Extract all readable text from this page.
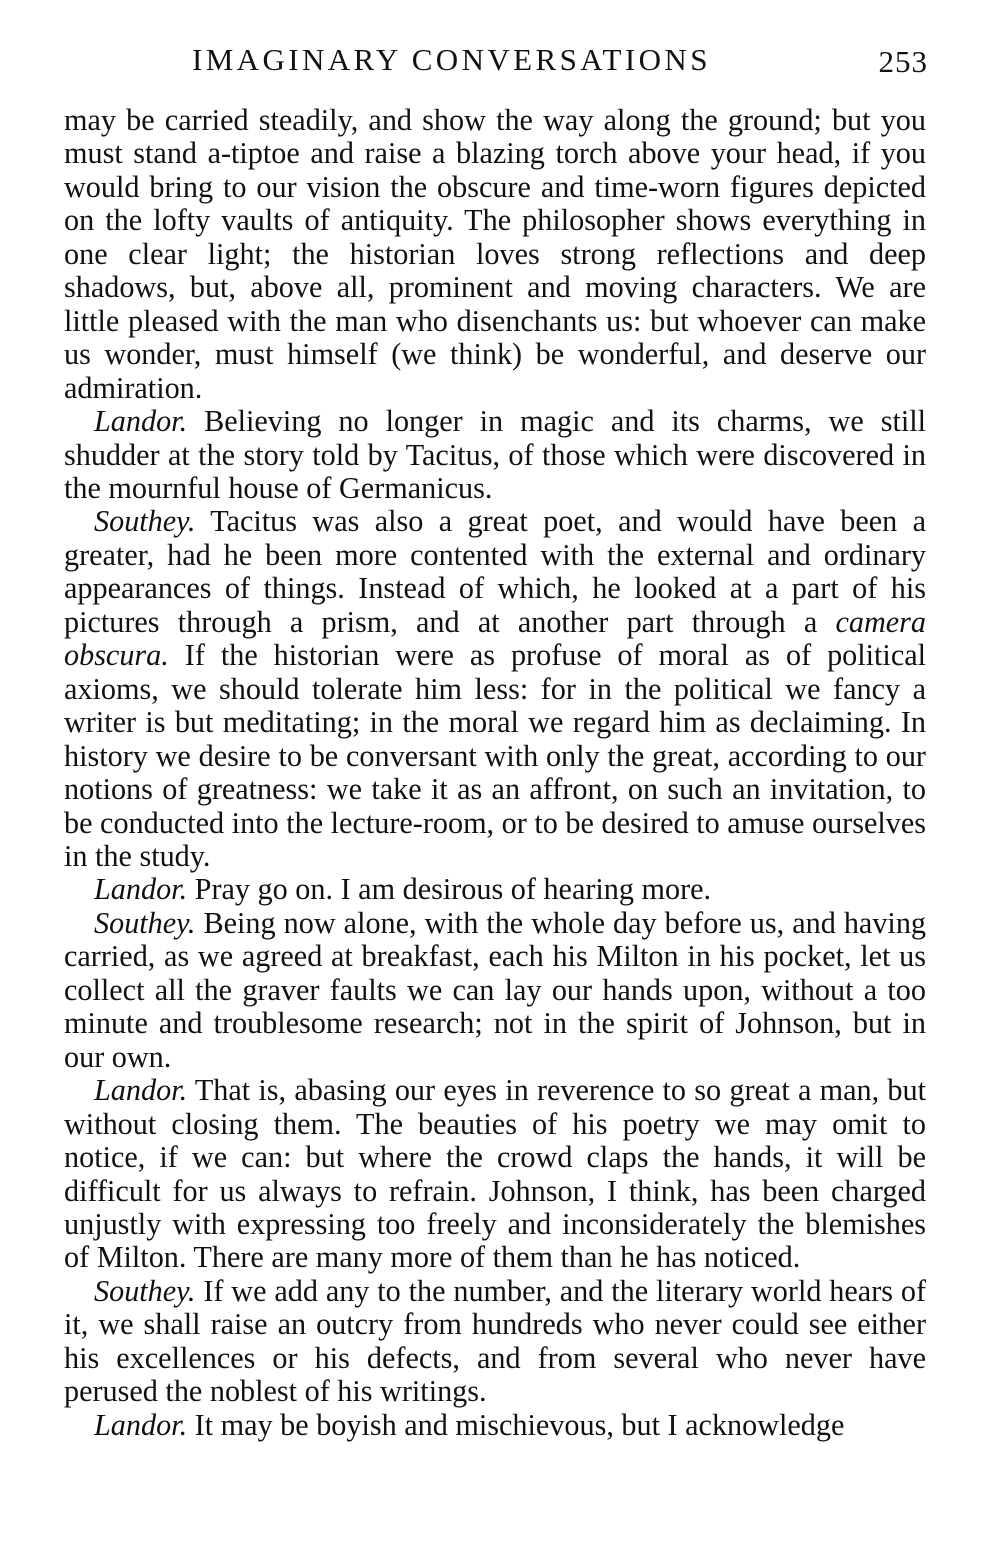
IMAGINARY CONVERSATIONS	253

may be carried steadily, and show the way along the ground; but you must stand a-tiptoe and raise a blazing torch above your head, if you would bring to our vision the obscure and time-worn figures depicted on the lofty vaults of antiquity. The philosopher shows everything in one clear light; the historian loves strong reflections and deep shadows, but, above all, prominent and moving characters. We are little pleased with the man who disenchants us: but whoever can make us wonder, must himself (we think) be wonderful, and deserve our admiration.

Landor. Believing no longer in magic and its charms, we still shudder at the story told by Tacitus, of those which were discovered in the mournful house of Germanicus.

Southey. Tacitus was also a great poet, and would have been a greater, had he been more contented with the external and ordinary appearances of things. Instead of which, he looked at a part of his pictures through a prism, and at another part through a camera obscura. If the historian were as profuse of moral as of political axioms, we should tolerate him less: for in the political we fancy a writer is but meditating; in the moral we regard him as declaiming. In history we desire to be conversant with only the great, according to our notions of greatness: we take it as an affront, on such an invitation, to be conducted into the lecture-room, or to be desired to amuse ourselves in the study.

Landor. Pray go on. I am desirous of hearing more.

Southey. Being now alone, with the whole day before us, and having carried, as we agreed at breakfast, each his Milton in his pocket, let us collect all the graver faults we can lay our hands upon, without a too minute and troublesome research; not in the spirit of Johnson, but in our own.

Landor. That is, abasing our eyes in reverence to so great a man, but without closing them. The beauties of his poetry we may omit to notice, if we can: but where the crowd claps the hands, it will be difficult for us always to refrain. Johnson, I think, has been charged unjustly with expressing too freely and inconsiderately the blemishes of Milton. There are many more of them than he has noticed.

Southey. If we add any to the number, and the literary world hears of it, we shall raise an outcry from hundreds who never could see either his excellences or his defects, and from several who never have perused the noblest of his writings.

Landor. It may be boyish and mischievous, but I acknowledge
